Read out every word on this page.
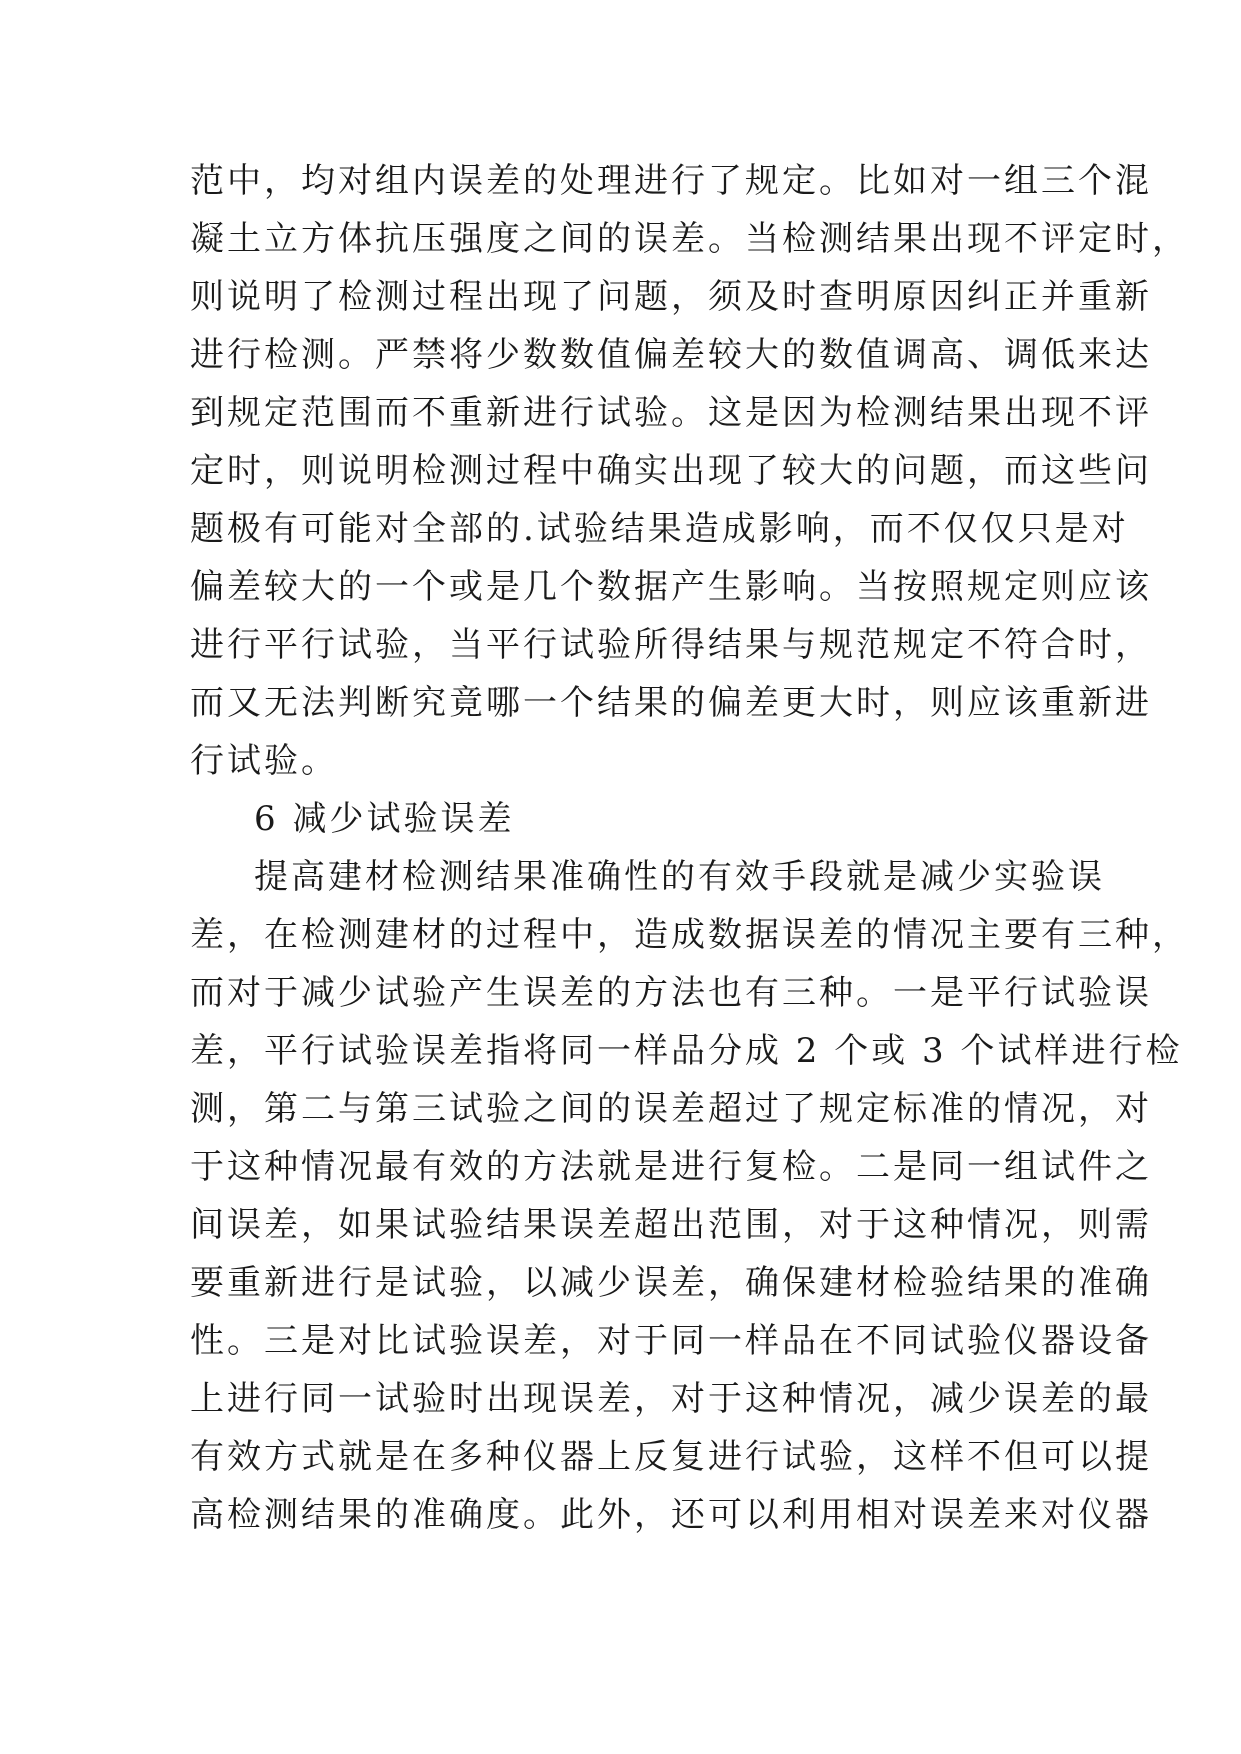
范中，均对组内误差的处理进行了规定。比如对一组三个混
凝土立方体抗压强度之间的误差。当检测结果出现不评定时，
则说明了检测过程出现了问题，须及时查明原因纠正并重新
进行检测。严禁将少数数值偏差较大的数值调高、调低来达
到规定范围而不重新进行试验。这是因为检测结果出现不评
定时，则说明检测过程中确实出现了较大的问题，而这些问
题极有可能对全部的.试验结果造成影响，而不仅仅只是对
偏差较大的一个或是几个数据产生影响。当按照规定则应该
进行平行试验，当平行试验所得结果与规范规定不符合时，
而又无法判断究竟哪一个结果的偏差更大时，则应该重新进
行试验。
6 减少试验误差
提高建材检测结果准确性的有效手段就是减少实验误
差，在检测建材的过程中，造成数据误差的情况主要有三种，
而对于减少试验产生误差的方法也有三种。一是平行试验误
差，平行试验误差指将同一样品分成 2 个或 3 个试样进行检
测，第二与第三试验之间的误差超过了规定标准的情况，对
于这种情况最有效的方法就是进行复检。二是同一组试件之
间误差，如果试验结果误差超出范围，对于这种情况，则需
要重新进行是试验，以减少误差，确保建材检验结果的准确
性。三是对比试验误差，对于同一样品在不同试验仪器设备
上进行同一试验时出现误差，对于这种情况，减少误差的最
有效方式就是在多种仪器上反复进行试验，这样不但可以提
高检测结果的准确度。此外，还可以利用相对误差来对仪器
